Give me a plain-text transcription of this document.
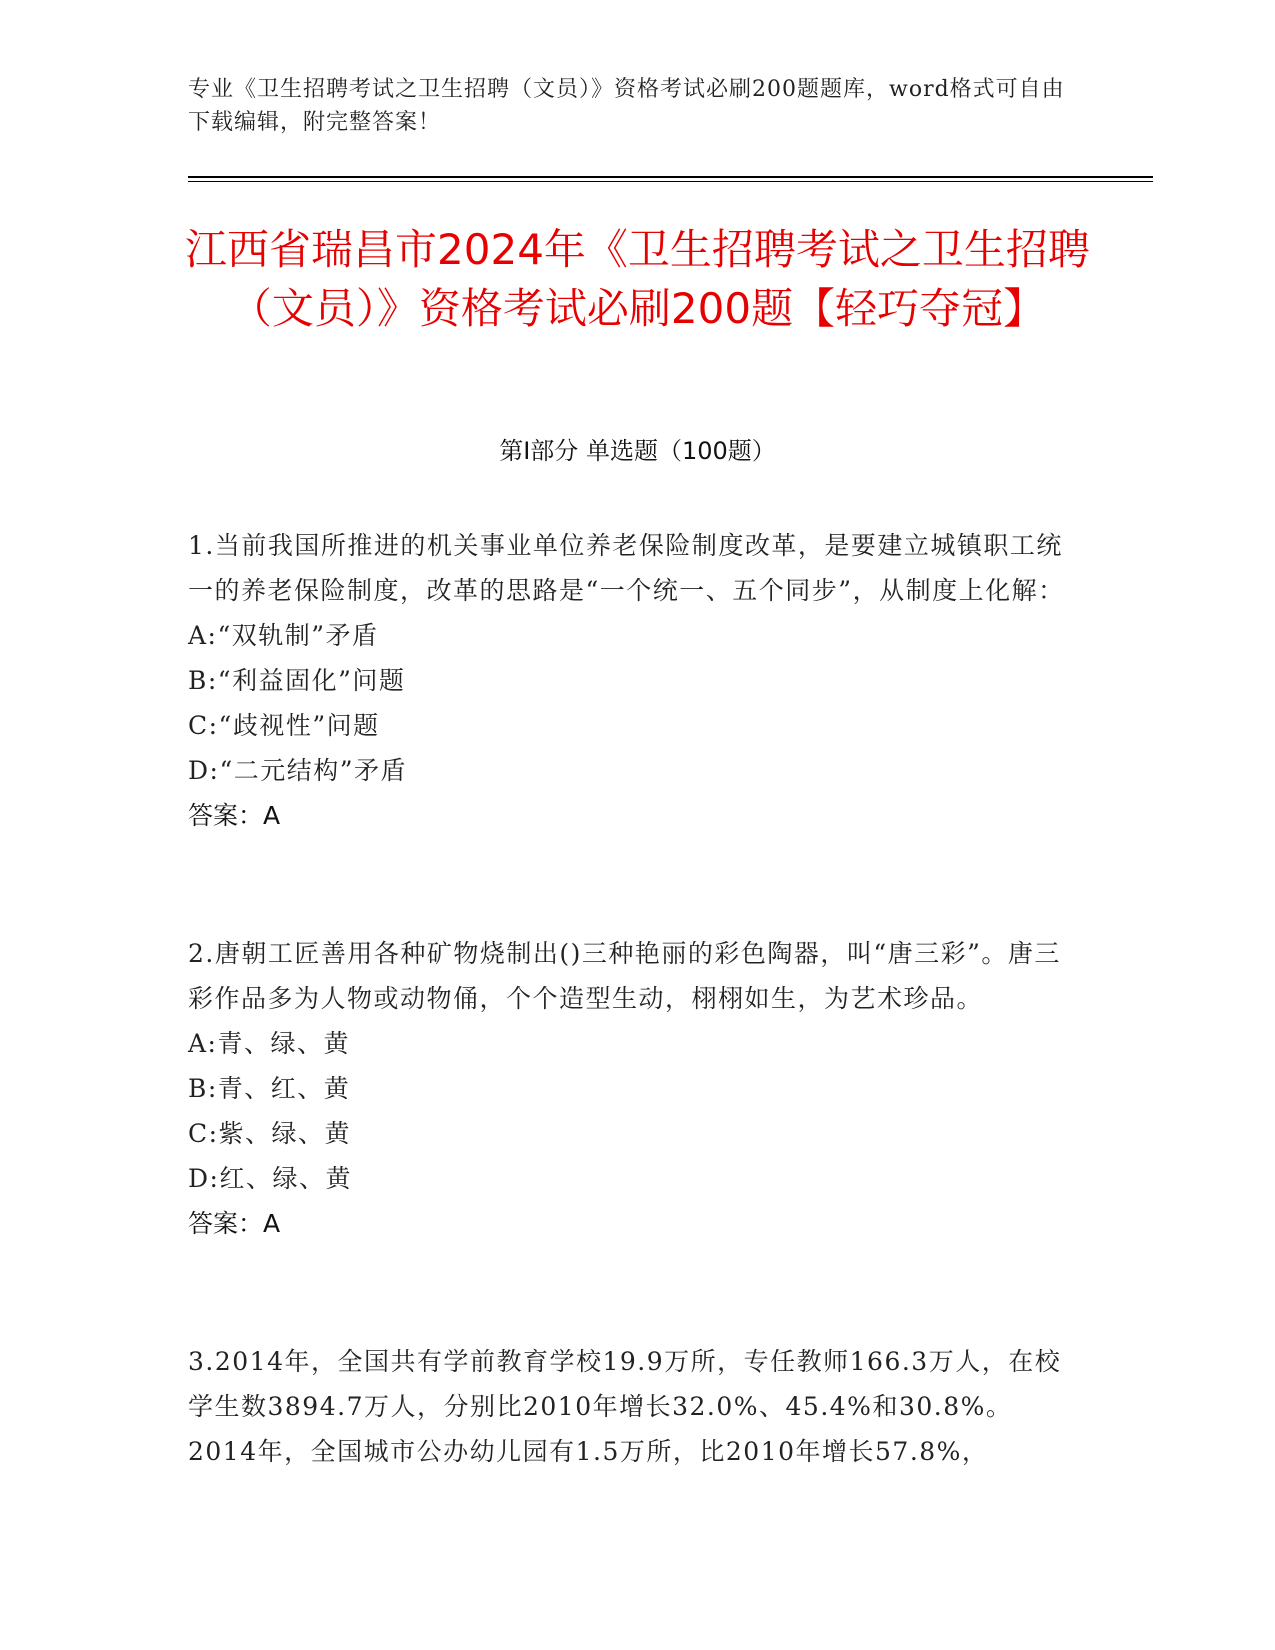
专业《卫生招聘考试之卫生招聘（文员）》资格考试必刷200题题库，word格式可自由下载编辑，附完整答案！
江西省瑞昌市2024年《卫生招聘考试之卫生招聘（文员）》资格考试必刷200题【轻巧夺冠】
第Ⅰ部分 单选题（100题）
1.当前我国所推进的机关事业单位养老保险制度改革，是要建立城镇职工统一的养老保险制度，改革的思路是“一个统一、五个同步”，从制度上化解：
A:“双轨制”矛盾
B:“利益固化”问题
C:“歧视性”问题
D:“二元结构”矛盾
答案：A
2.唐朝工匠善用各种矿物烧制出()三种艳丽的彩色陶器，叫“唐三彩”。唐三彩作品多为人物或动物俑，个个造型生动，栩栩如生，为艺术珍品。
A:青、绿、黄
B:青、红、黄
C:紫、绿、黄
D:红、绿、黄
答案：A
3.2014年，全国共有学前教育学校19.9万所，专任教师166.3万人，在校学生数3894.7万人，分别比2010年增长32.0%、45.4%和30.8%。2014年，全国城市公办幼儿园有1.5万所，比2010年增长57.8%，
